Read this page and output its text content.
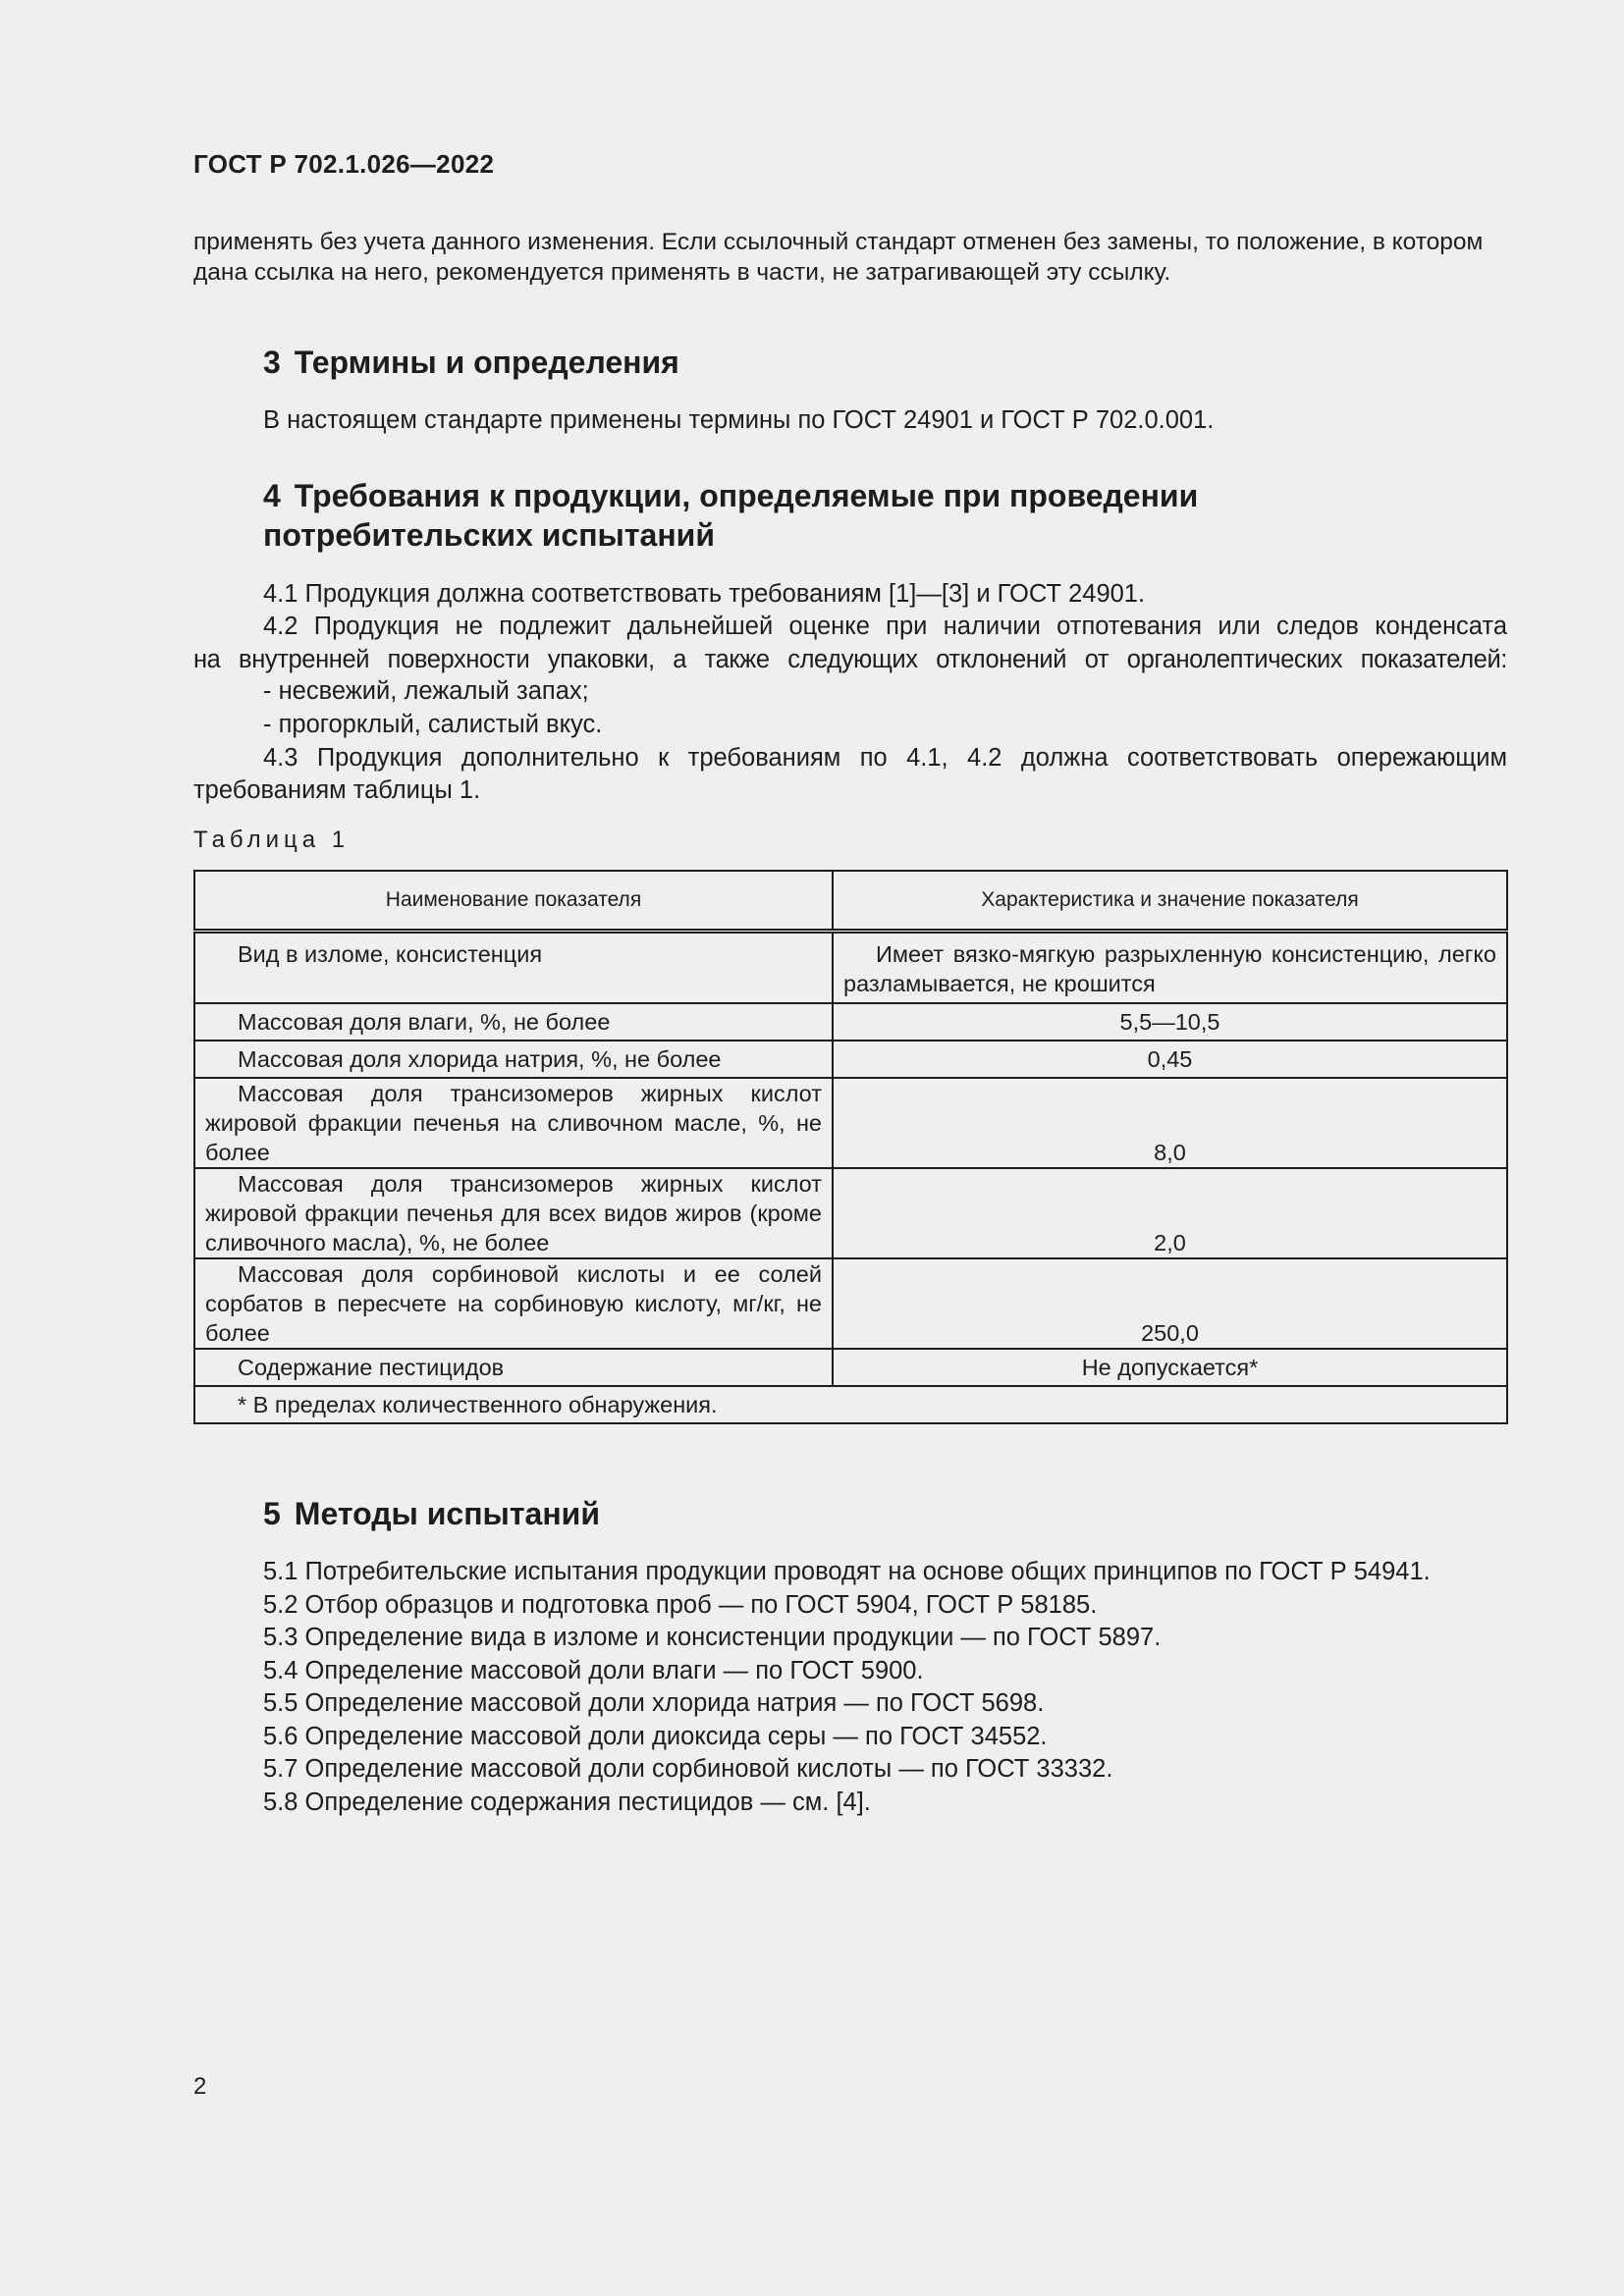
ГОСТ Р 702.1.026—2022
применять без учета данного изменения. Если ссылочный стандарт отменен без замены, то положение, в котором
дана ссылка на него, рекомендуется применять в части, не затрагивающей эту ссылку.
3 Термины и определения
В настоящем стандарте применены термины по ГОСТ 24901 и ГОСТ Р 702.0.001.
4 Требования к продукции, определяемые при проведении
потребительских испытаний
4.1 Продукция должна соответствовать требованиям [1]—[3] и ГОСТ 24901.
4.2 Продукция не подлежит дальнейшей оценке при наличии отпотевания или следов конденсата
на внутренней поверхности упаковки, а также следующих отклонений от органолептических показателей:
- несвежий, лежалый запах;
- прогорклый, салистый вкус.
4.3 Продукция дополнительно к требованиям по 4.1, 4.2 должна соответствовать опережающим
требованиям таблицы 1.
Таблица 1
Наименование показателя	Характеристика и значение показателя
Вид в изломе, консистенция	Имеет вязко-мягкую разрыхленную консистенцию, легко разламывается, не крошится
Массовая доля влаги, %, не более	5,5—10,5
Массовая доля хлорида натрия, %, не более	0,45
Массовая доля трансизомеров жирных кислот жировой фракции печенья на сливочном масле, %, не более	8,0
Массовая доля трансизомеров жирных кислот жировой фракции печенья для всех видов жиров (кроме сливочного масла), %, не более	2,0
Массовая доля сорбиновой кислоты и ее солей сорбатов в пересчете на сорбиновую кислоту, мг/кг, не более	250,0
Содержание пестицидов	Не допускается*
* В пределах количественного обнаружения.	
5 Методы испытаний
5.1 Потребительские испытания продукции проводят на основе общих принципов по ГОСТ Р 54941.
5.2 Отбор образцов и подготовка проб — по ГОСТ 5904, ГОСТ Р 58185.
5.3 Определение вида в изломе и консистенции продукции — по ГОСТ 5897.
5.4 Определение массовой доли влаги — по ГОСТ 5900.
5.5 Определение массовой доли хлорида натрия — по ГОСТ 5698.
5.6 Определение массовой доли диоксида серы — по ГОСТ 34552.
5.7 Определение массовой доли сорбиновой кислоты — по ГОСТ 33332.
5.8 Определение содержания пестицидов — см. [4].
2
